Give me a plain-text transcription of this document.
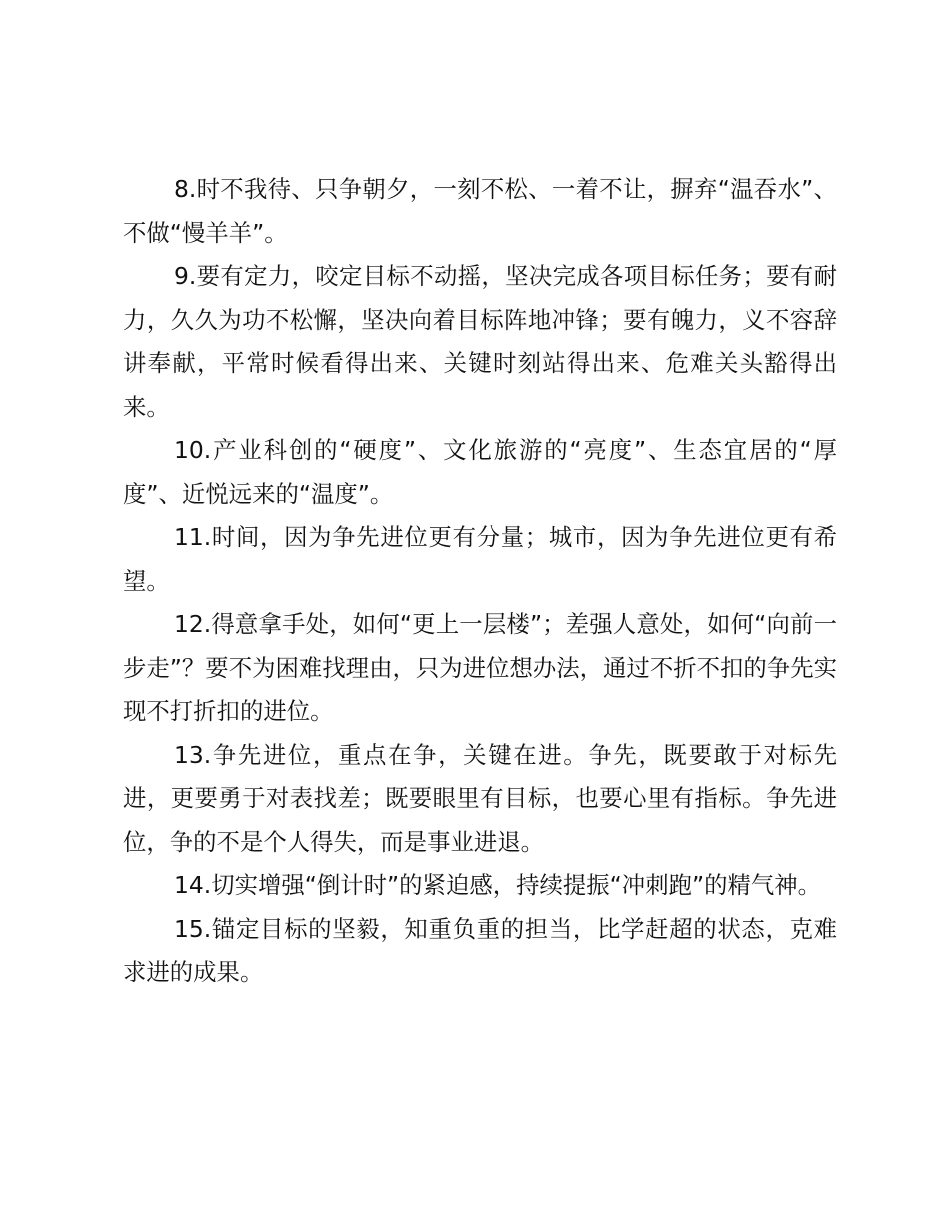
8.时不我待、只争朝夕，一刻不松、一着不让，摒弃“温吞水”、不做“慢羊羊”。

9.要有定力，咬定目标不动摇，坚决完成各项目标任务；要有耐力，久久为功不松懈，坚决向着目标阵地冲锋；要有魄力，义不容辞讲奉献，平常时候看得出来、关键时刻站得出来、危难关头豁得出来。

10.产业科创的“硬度”、文化旅游的“亮度”、生态宜居的“厚度”、近悦远来的“温度”。

11.时间，因为争先进位更有分量；城市，因为争先进位更有希望。

12.得意拿手处，如何“更上一层楼”；差强人意处，如何“向前一步走”？要不为困难找理由，只为进位想办法，通过不折不扣的争先实现不打折扣的进位。

13.争先进位，重点在争，关键在进。争先，既要敢于对标先进，更要勇于对表找差；既要眼里有目标，也要心里有指标。争先进位，争的不是个人得失，而是事业进退。

14.切实增强“倒计时”的紧迫感，持续提振“冲刺跑”的精气神。

15.锚定目标的坚毅，知重负重的担当，比学赶超的状态，克难求进的成果。
